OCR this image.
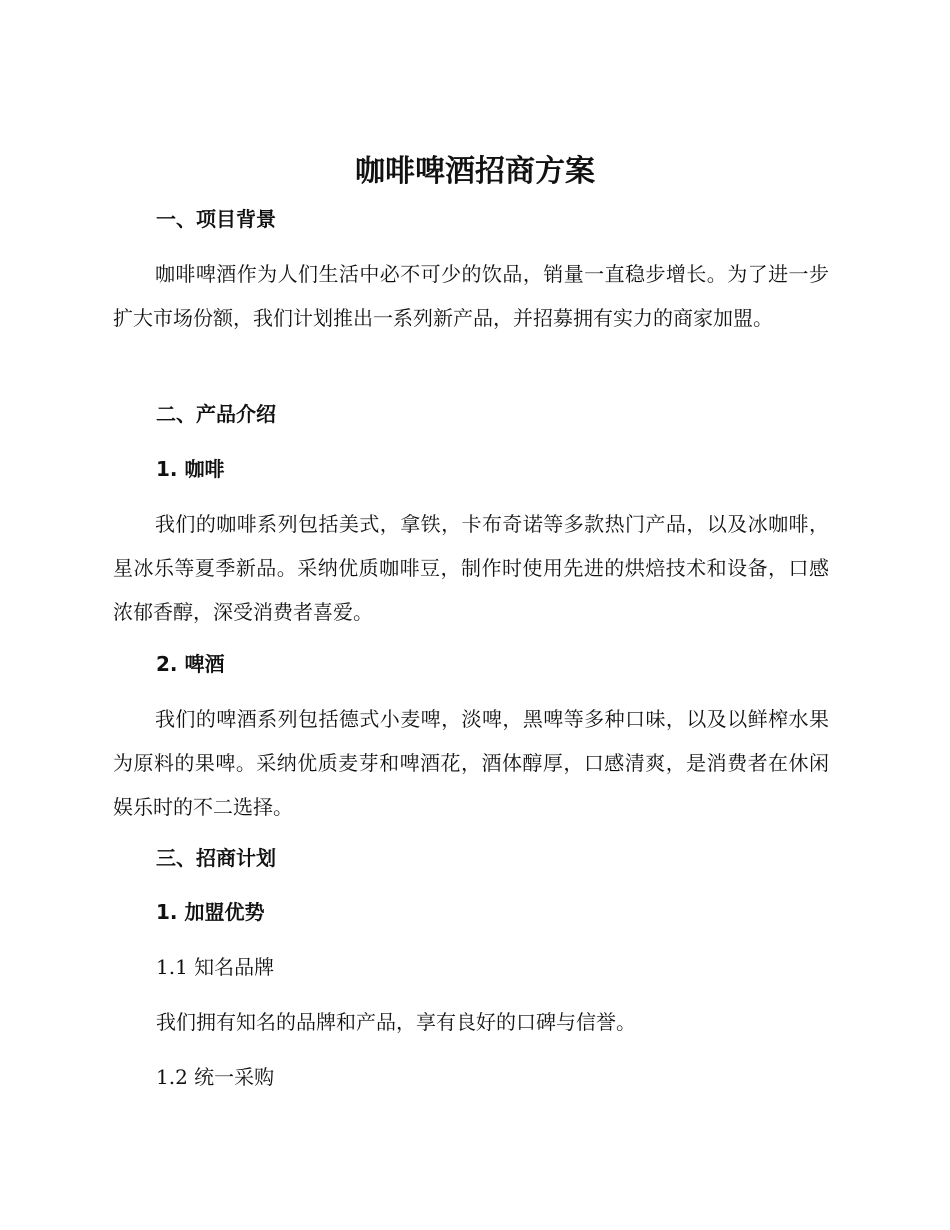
咖啡啤酒招商方案
一、项目背景

咖啡啤酒作为人们生活中必不可少的饮品，销量一直稳步增长。为了进一步扩大市场份额，我们计划推出一系列新产品，并招募拥有实力的商家加盟。

二、产品介绍
1. 咖啡

我们的咖啡系列包括美式，拿铁，卡布奇诺等多款热门产品，以及冰咖啡，星冰乐等夏季新品。采纳优质咖啡豆，制作时使用先进的烘焙技术和设备，口感浓郁香醇，深受消费者喜爱。

2. 啤酒

我们的啤酒系列包括德式小麦啤，淡啤，黑啤等多种口味，以及以鲜榨水果为原料的果啤。采纳优质麦芽和啤酒花，酒体醇厚，口感清爽，是消费者在休闲娱乐时的不二选择。

三、招商计划
1. 加盟优势

1.1 知名品牌

我们拥有知名的品牌和产品，享有良好的口碑与信誉。

1.2 统一采购
